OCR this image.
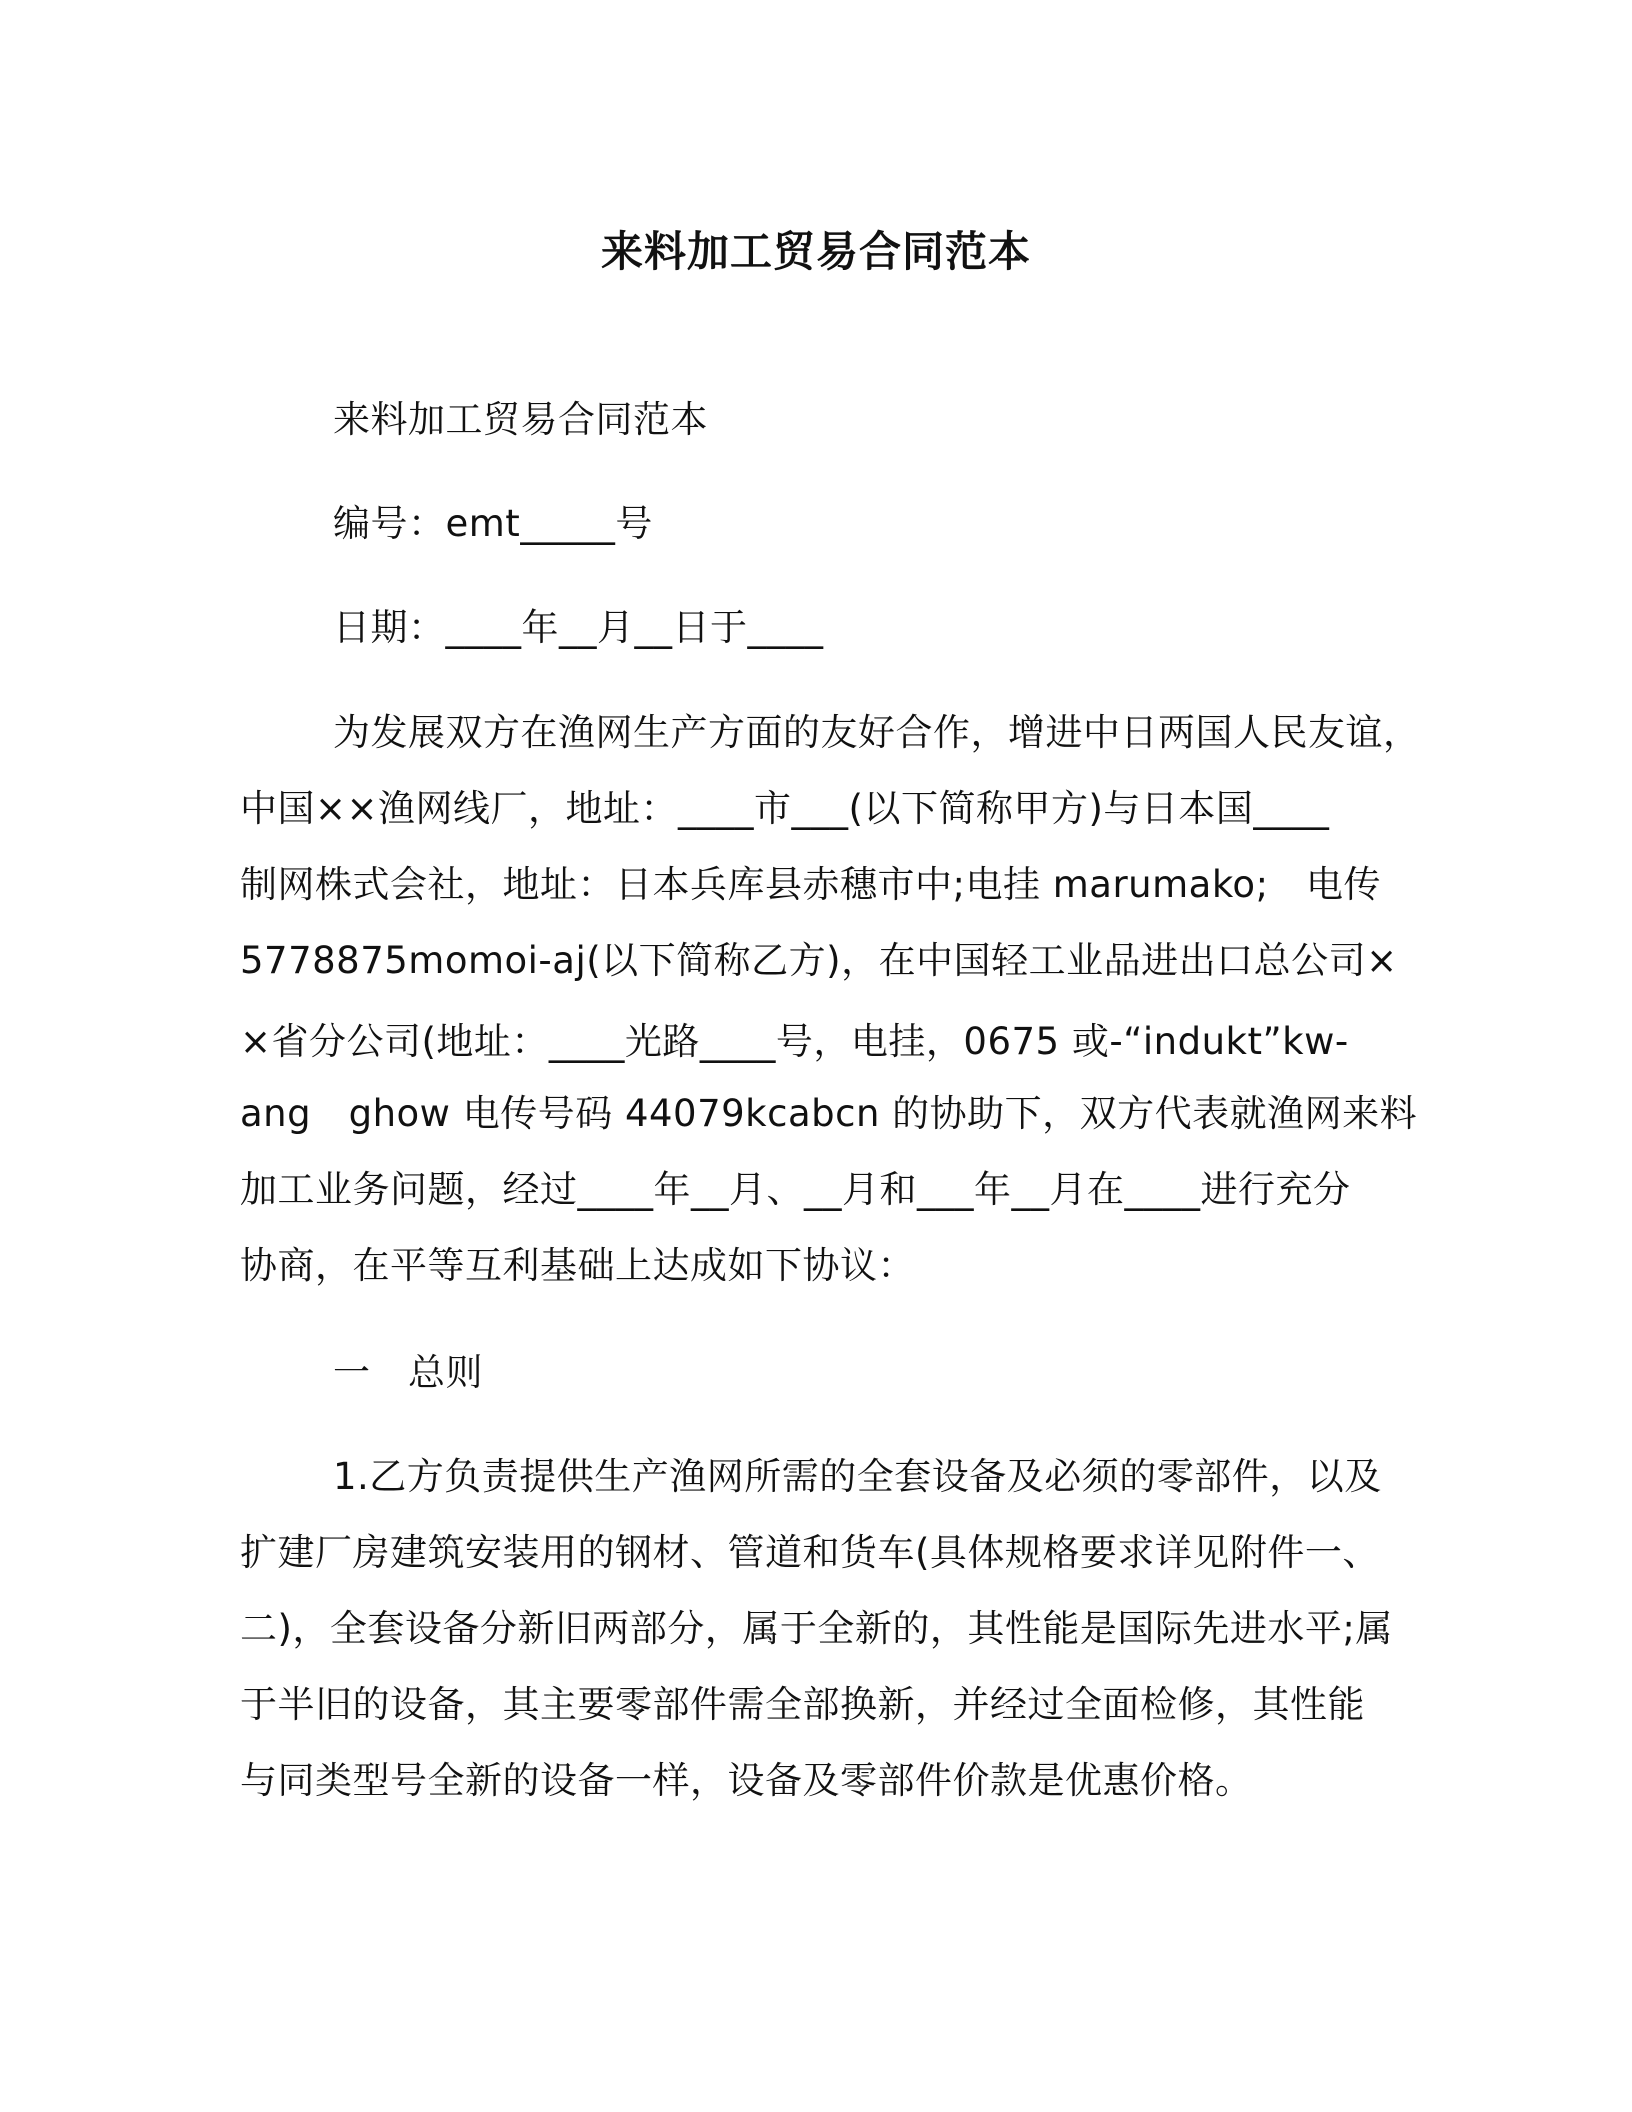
来料加工贸易合同范本
来料加工贸易合同范本
编号：emt_____号
日期：____年__月__日于____
为发展双方在渔网生产方面的友好合作，增进中日两国人民友谊，
中国××渔网线厂，地址：____市___(以下简称甲方)与日本国____
制网株式会社，地址：日本兵库县赤穗市中;电挂 marumako;　电传
5778875momoi-aj(以下简称乙方)，在中国轻工业品进出口总公司×
×省分公司(地址：____光路____号，电挂，0675 或-“indukt”kw-
ang　ghow 电传号码 44079kcabcn 的协助下，双方代表就渔网来料
加工业务问题，经过____年__月、__月和___年__月在____进行充分
协商，在平等互利基础上达成如下协议：
一　总则
1.乙方负责提供生产渔网所需的全套设备及必须的零部件，以及
扩建厂房建筑安装用的钢材、管道和货车(具体规格要求详见附件一、
二)，全套设备分新旧两部分，属于全新的，其性能是国际先进水平;属
于半旧的设备，其主要零部件需全部换新，并经过全面检修，其性能
与同类型号全新的设备一样，设备及零部件价款是优惠价格。
